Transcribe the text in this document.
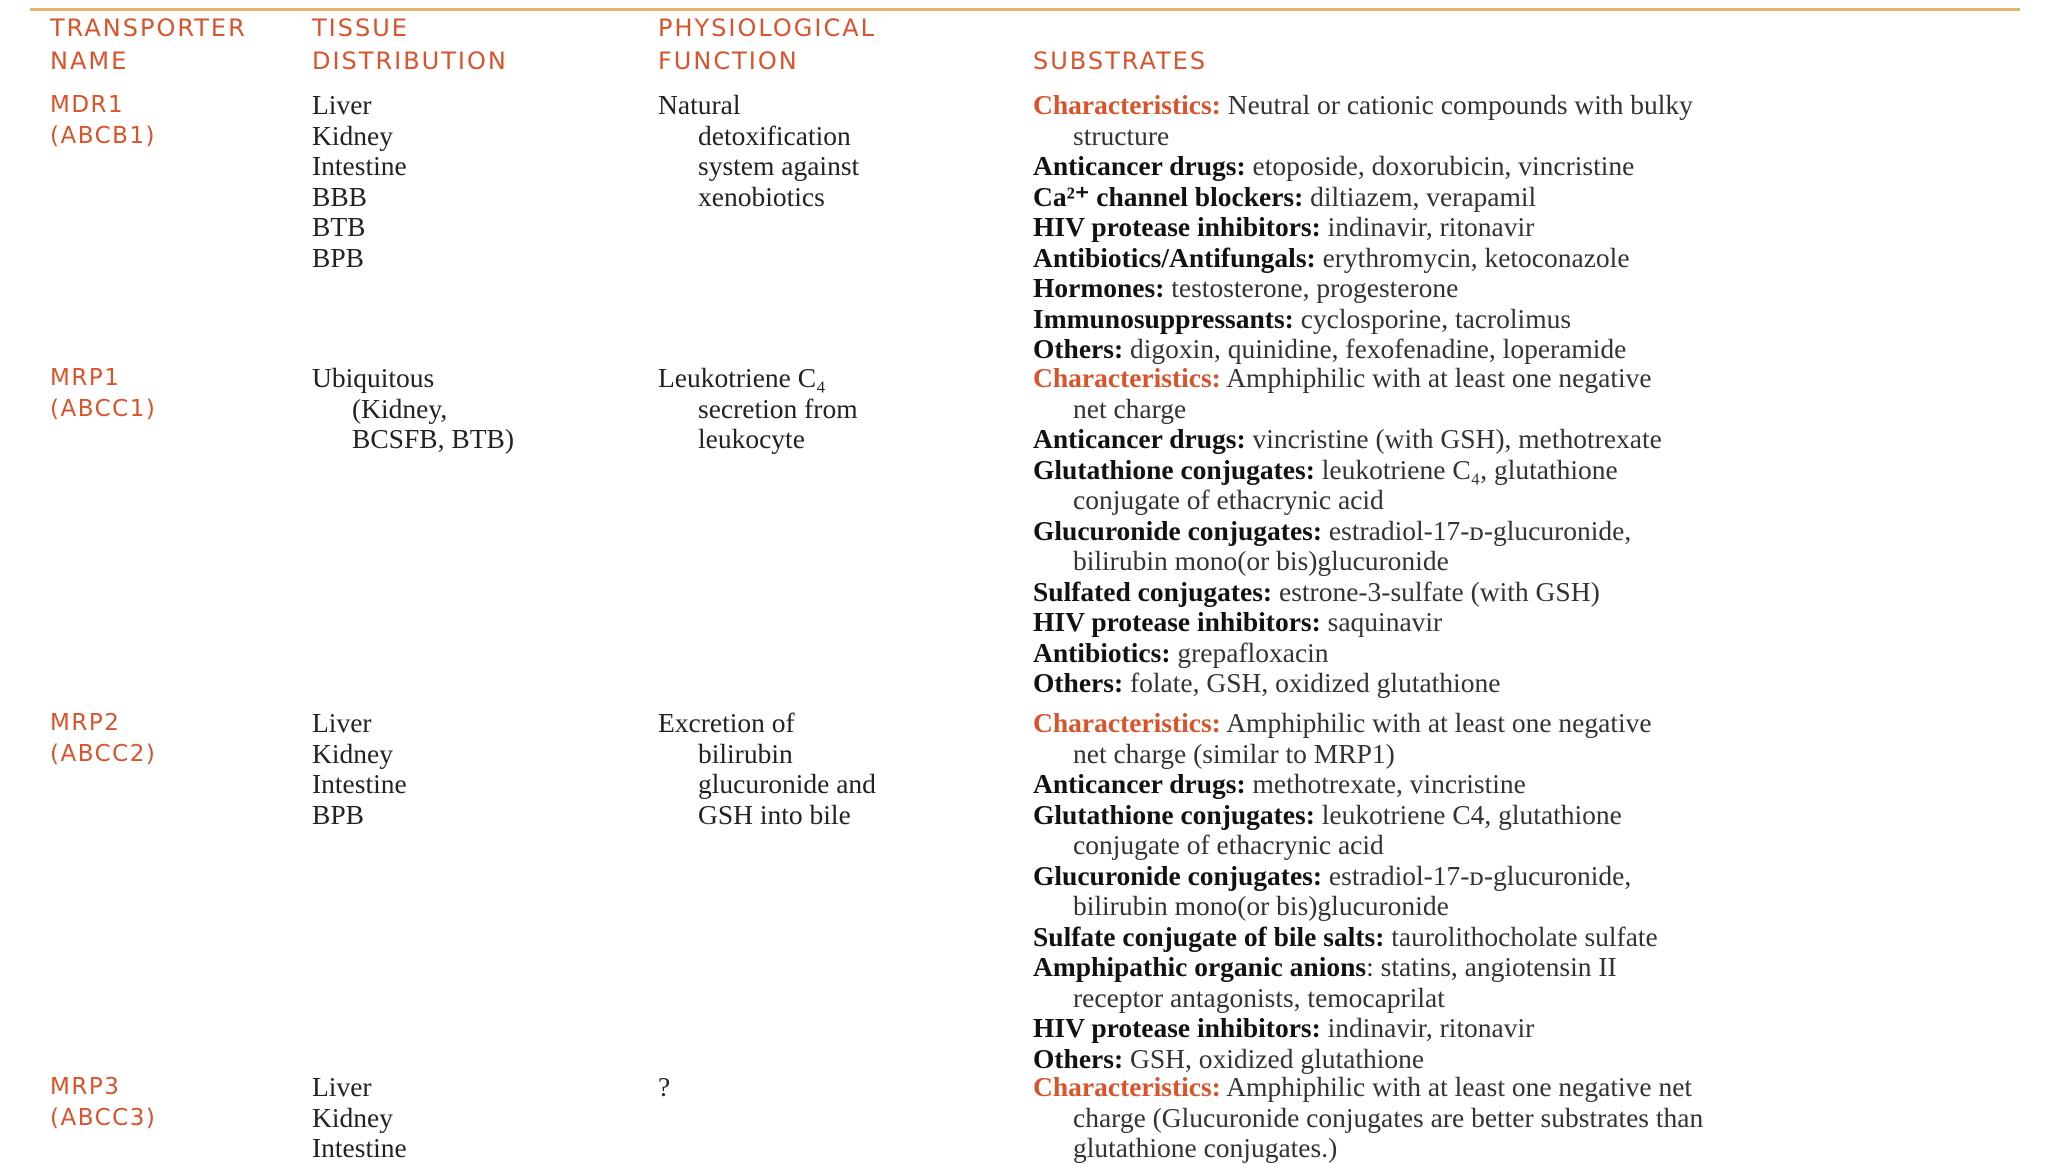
TRANSPORTER
NAME
TISSUE
DISTRIBUTION
PHYSIOLOGICAL
FUNCTION	SUBSTRATES
MDR1
(ABCB1)
Liver
Kidney
Intestine
BBB
BTB
BPB
Natural
detoxification
system against
xenobiotics
Characteristics: Neutral or cationic compounds with bulky
structure
Anticancer drugs: etoposide, doxorubicin, vincristine
Ca²⁺ channel blockers: diltiazem, verapamil
HIV protease inhibitors: indinavir, ritonavir
Antibiotics/Antifungals: erythromycin, ketoconazole
Hormones: testosterone, progesterone
Immunosuppressants: cyclosporine, tacrolimus
Others: digoxin, quinidine, fexofenadine, loperamide
MRP1
(ABCC1)
Ubiquitous
(Kidney,
BCSFB, BTB)
Leukotriene C₄
secretion from
leukocyte
Characteristics: Amphiphilic with at least one negative
net charge
Anticancer drugs: vincristine (with GSH), methotrexate
Glutathione conjugates: leukotriene C₄, glutathione
conjugate of ethacrynic acid
Glucuronide conjugates: estradiol-17-ᴅ-glucuronide,
bilirubin mono(or bis)glucuronide
Sulfated conjugates: estrone-3-sulfate (with GSH)
HIV protease inhibitors: saquinavir
Antibiotics: grepafloxacin
Others: folate, GSH, oxidized glutathione
MRP2
(ABCC2)
Liver
Kidney
Intestine
BPB
Excretion of
bilirubin
glucuronide and
GSH into bile
Characteristics: Amphiphilic with at least one negative
net charge (similar to MRP1)
Anticancer drugs: methotrexate, vincristine
Glutathione conjugates: leukotriene C4, glutathione
conjugate of ethacrynic acid
Glucuronide conjugates: estradiol-17-ᴅ-glucuronide,
bilirubin mono(or bis)glucuronide
Sulfate conjugate of bile salts: taurolithocholate sulfate
Amphipathic organic anions: statins, angiotensin II
receptor antagonists, temocaprilat
HIV protease inhibitors: indinavir, ritonavir
Others: GSH, oxidized glutathione
MRP3
(ABCC3)
Liver
Kidney
Intestine
?	Characteristics: Amphiphilic with at least one negative net
charge (Glucuronide conjugates are better substrates than
glutathione conjugates.)
